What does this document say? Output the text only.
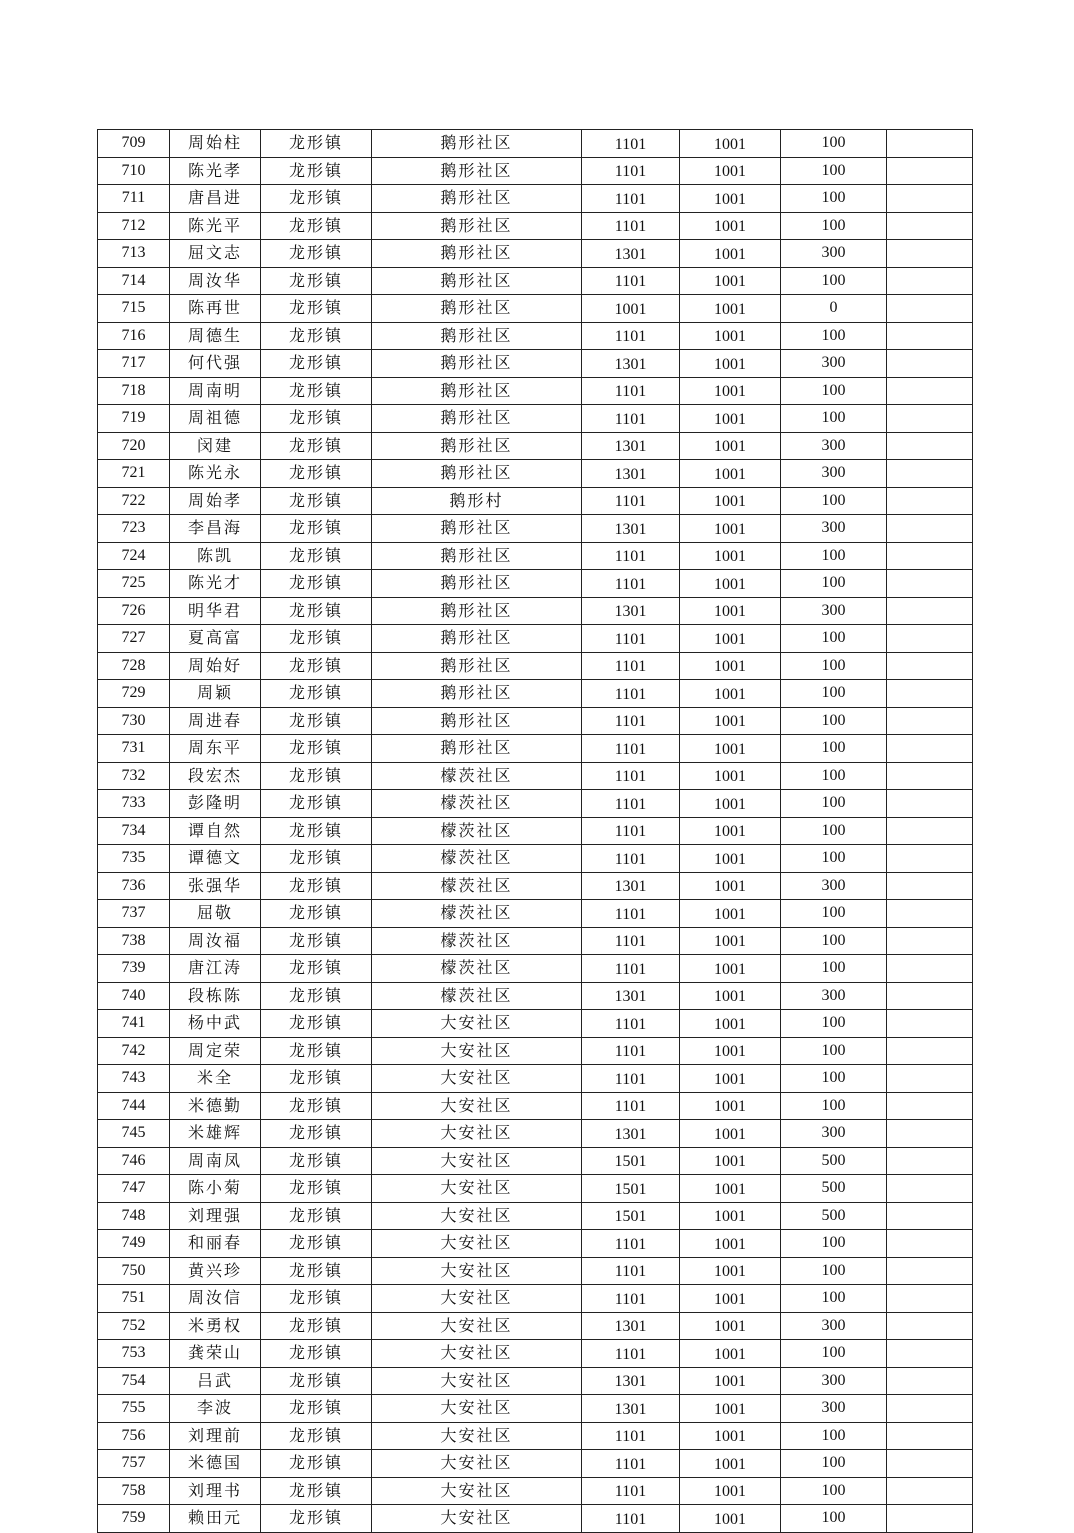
709	周始柱	龙形镇	鹅形社区	1101	1001	100	
710	陈光孝	龙形镇	鹅形社区	1101	1001	100	
711	唐昌进	龙形镇	鹅形社区	1101	1001	100	
712	陈光平	龙形镇	鹅形社区	1101	1001	100	
713	屈文志	龙形镇	鹅形社区	1301	1001	300	
714	周汝华	龙形镇	鹅形社区	1101	1001	100	
715	陈再世	龙形镇	鹅形社区	1001	1001	0	
716	周德生	龙形镇	鹅形社区	1101	1001	100	
717	何代强	龙形镇	鹅形社区	1301	1001	300	
718	周南明	龙形镇	鹅形社区	1101	1001	100	
719	周祖德	龙形镇	鹅形社区	1101	1001	100	
720	闵建	龙形镇	鹅形社区	1301	1001	300	
721	陈光永	龙形镇	鹅形社区	1301	1001	300	
722	周始孝	龙形镇	鹅形村	1101	1001	100	
723	李昌海	龙形镇	鹅形社区	1301	1001	300	
724	陈凯	龙形镇	鹅形社区	1101	1001	100	
725	陈光才	龙形镇	鹅形社区	1101	1001	100	
726	明华君	龙形镇	鹅形社区	1301	1001	300	
727	夏高富	龙形镇	鹅形社区	1101	1001	100	
728	周始好	龙形镇	鹅形社区	1101	1001	100	
729	周颖	龙形镇	鹅形社区	1101	1001	100	
730	周进春	龙形镇	鹅形社区	1101	1001	100	
731	周东平	龙形镇	鹅形社区	1101	1001	100	
732	段宏杰	龙形镇	檬茨社区	1101	1001	100	
733	彭隆明	龙形镇	檬茨社区	1101	1001	100	
734	谭自然	龙形镇	檬茨社区	1101	1001	100	
735	谭德文	龙形镇	檬茨社区	1101	1001	100	
736	张强华	龙形镇	檬茨社区	1301	1001	300	
737	屈敬	龙形镇	檬茨社区	1101	1001	100	
738	周汝福	龙形镇	檬茨社区	1101	1001	100	
739	唐江涛	龙形镇	檬茨社区	1101	1001	100	
740	段栋陈	龙形镇	檬茨社区	1301	1001	300	
741	杨中武	龙形镇	大安社区	1101	1001	100	
742	周定荣	龙形镇	大安社区	1101	1001	100	
743	米全	龙形镇	大安社区	1101	1001	100	
744	米德勤	龙形镇	大安社区	1101	1001	100	
745	米雄辉	龙形镇	大安社区	1301	1001	300	
746	周南凤	龙形镇	大安社区	1501	1001	500	
747	陈小菊	龙形镇	大安社区	1501	1001	500	
748	刘理强	龙形镇	大安社区	1501	1001	500	
749	和丽春	龙形镇	大安社区	1101	1001	100	
750	黄兴珍	龙形镇	大安社区	1101	1001	100	
751	周汝信	龙形镇	大安社区	1101	1001	100	
752	米勇权	龙形镇	大安社区	1301	1001	300	
753	龚荣山	龙形镇	大安社区	1101	1001	100	
754	吕武	龙形镇	大安社区	1301	1001	300	
755	李波	龙形镇	大安社区	1301	1001	300	
756	刘理前	龙形镇	大安社区	1101	1001	100	
757	米德国	龙形镇	大安社区	1101	1001	100	
758	刘理书	龙形镇	大安社区	1101	1001	100	
759	赖田元	龙形镇	大安社区	1101	1001	100	
